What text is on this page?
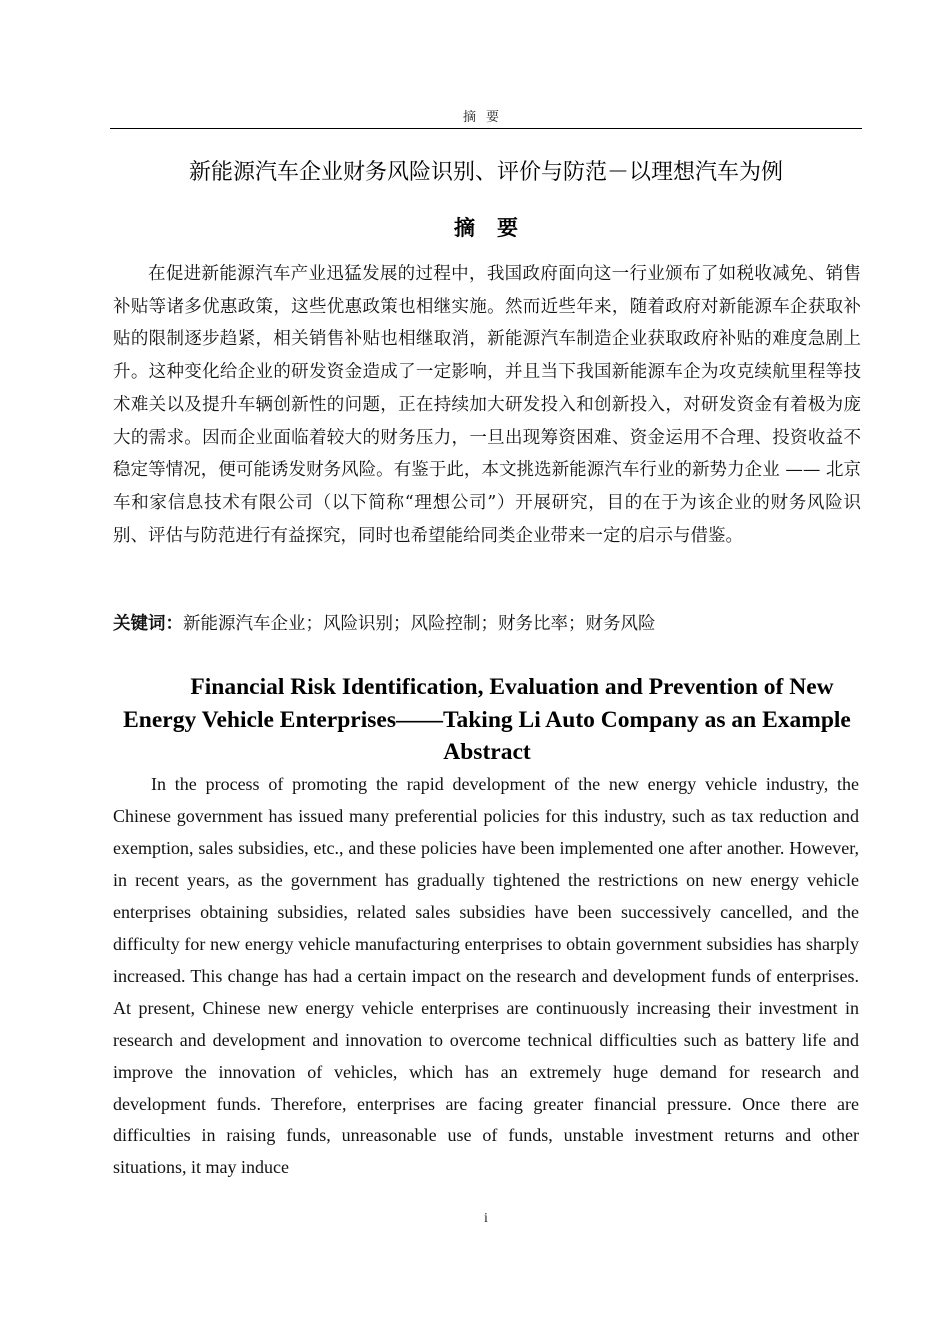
摘要
新能源汽车企业财务风险识别、评价与防范－以理想汽车为例
摘要

在促进新能源汽车产业迅猛发展的过程中，我国政府面向这一行业颁布了如税收减免、销售补贴等诸多优惠政策，这些优惠政策也相继实施。然而近些年来，随着政府对新能源车企获取补贴的限制逐步趋紧，相关销售补贴也相继取消，新能源汽车制造企业获取政府补贴的难度急剧上升。这种变化给企业的研发资金造成了一定影响，并且当下我国新能源车企为攻克续航里程等技术难关以及提升车辆创新性的问题，正在持续加大研发投入和创新投入，对研发资金有着极为庞大的需求。因而企业面临着较大的财务压力，一旦出现筹资困难、资金运用不合理、投资收益不稳定等情况，便可能诱发财务风险。有鉴于此，本文挑选新能源汽车行业的新势力企业 —— 北京车和家信息技术有限公司（以下简称“理想公司”）开展研究，目的在于为该企业的财务风险识别、评估与防范进行有益探究，同时也希望能给同类企业带来一定的启示与借鉴。

关键词：新能源汽车企业；风险识别；风险控制；财务比率；财务风险
Financial Risk Identification, Evaluation and Prevention of New
Energy Vehicle Enterprises——Taking Li Auto Company as an Example
Abstract

In the process of promoting the rapid development of the new energy vehicle industry, the Chinese government has issued many preferential policies for this industry, such as tax reduction and exemption, sales subsidies, etc., and these policies have been implemented one after another. However, in recent years, as the government has gradually tightened the restrictions on new energy vehicle enterprises obtaining subsidies, related sales subsidies have been successively cancelled, and the difficulty for new energy vehicle manufacturing enterprises to obtain government subsidies has sharply increased. This change has had a certain impact on the research and development funds of enterprises. At present, Chinese new energy vehicle enterprises are continuously increasing their investment in research and development and innovation to overcome technical difficulties such as battery life and improve the innovation of vehicles, which has an extremely huge demand for research and development funds. Therefore, enterprises are facing greater financial pressure. Once there are difficulties in raising funds, unreasonable use of funds, unstable investment returns and other situations, it may induce

i
